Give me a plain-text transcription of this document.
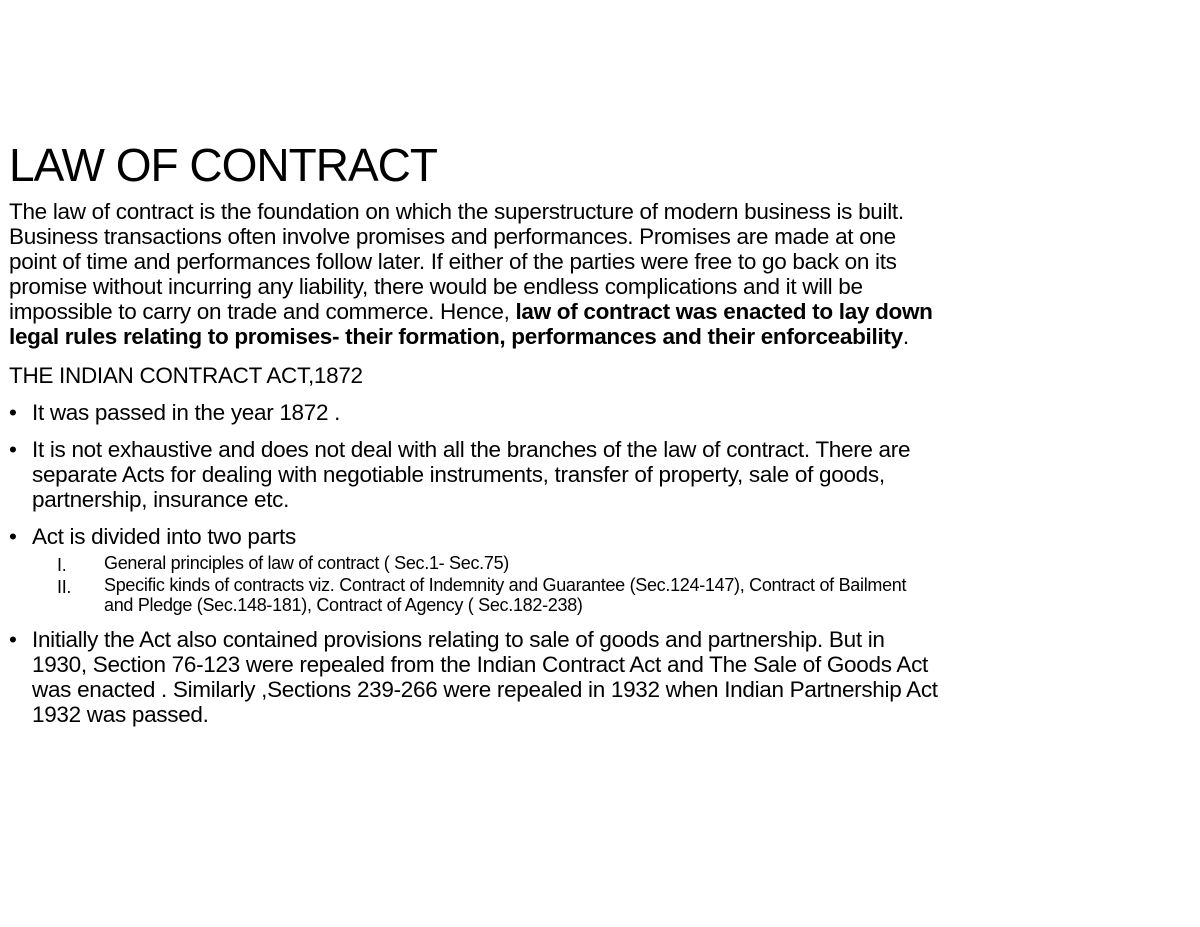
LAW OF CONTRACT

The law of contract is the foundation on which the superstructure of modern business is built.
Business transactions often involve promises and performances. Promises are made at one
point of time and performances follow later. If either of the parties were free to go back on its
promise without incurring any liability, there would be endless complications and it will be
impossible to carry on trade and commerce. Hence, law of contract was enacted to lay down
legal rules relating to promises- their formation, performances and their enforceability.

THE INDIAN CONTRACT ACT,1872
• It was passed in the year 1872 .
• It is not exhaustive and does not deal with all the branches of the law of contract. There are
separate Acts for dealing with negotiable instruments, transfer of property, sale of goods,
partnership, insurance etc.
• Act is divided into two parts
I. General principles of law of contract ( Sec.1- Sec.75)
II. Specific kinds of contracts viz. Contract of Indemnity and Guarantee (Sec.124-147), Contract of Bailment
and Pledge (Sec.148-181), Contract of Agency ( Sec.182-238)
• Initially the Act also contained provisions relating to sale of goods and partnership. But in
1930, Section 76-123 were repealed from the Indian Contract Act and The Sale of Goods Act
was enacted . Similarly ,Sections 239-266 were repealed in 1932 when Indian Partnership Act
1932 was passed.
